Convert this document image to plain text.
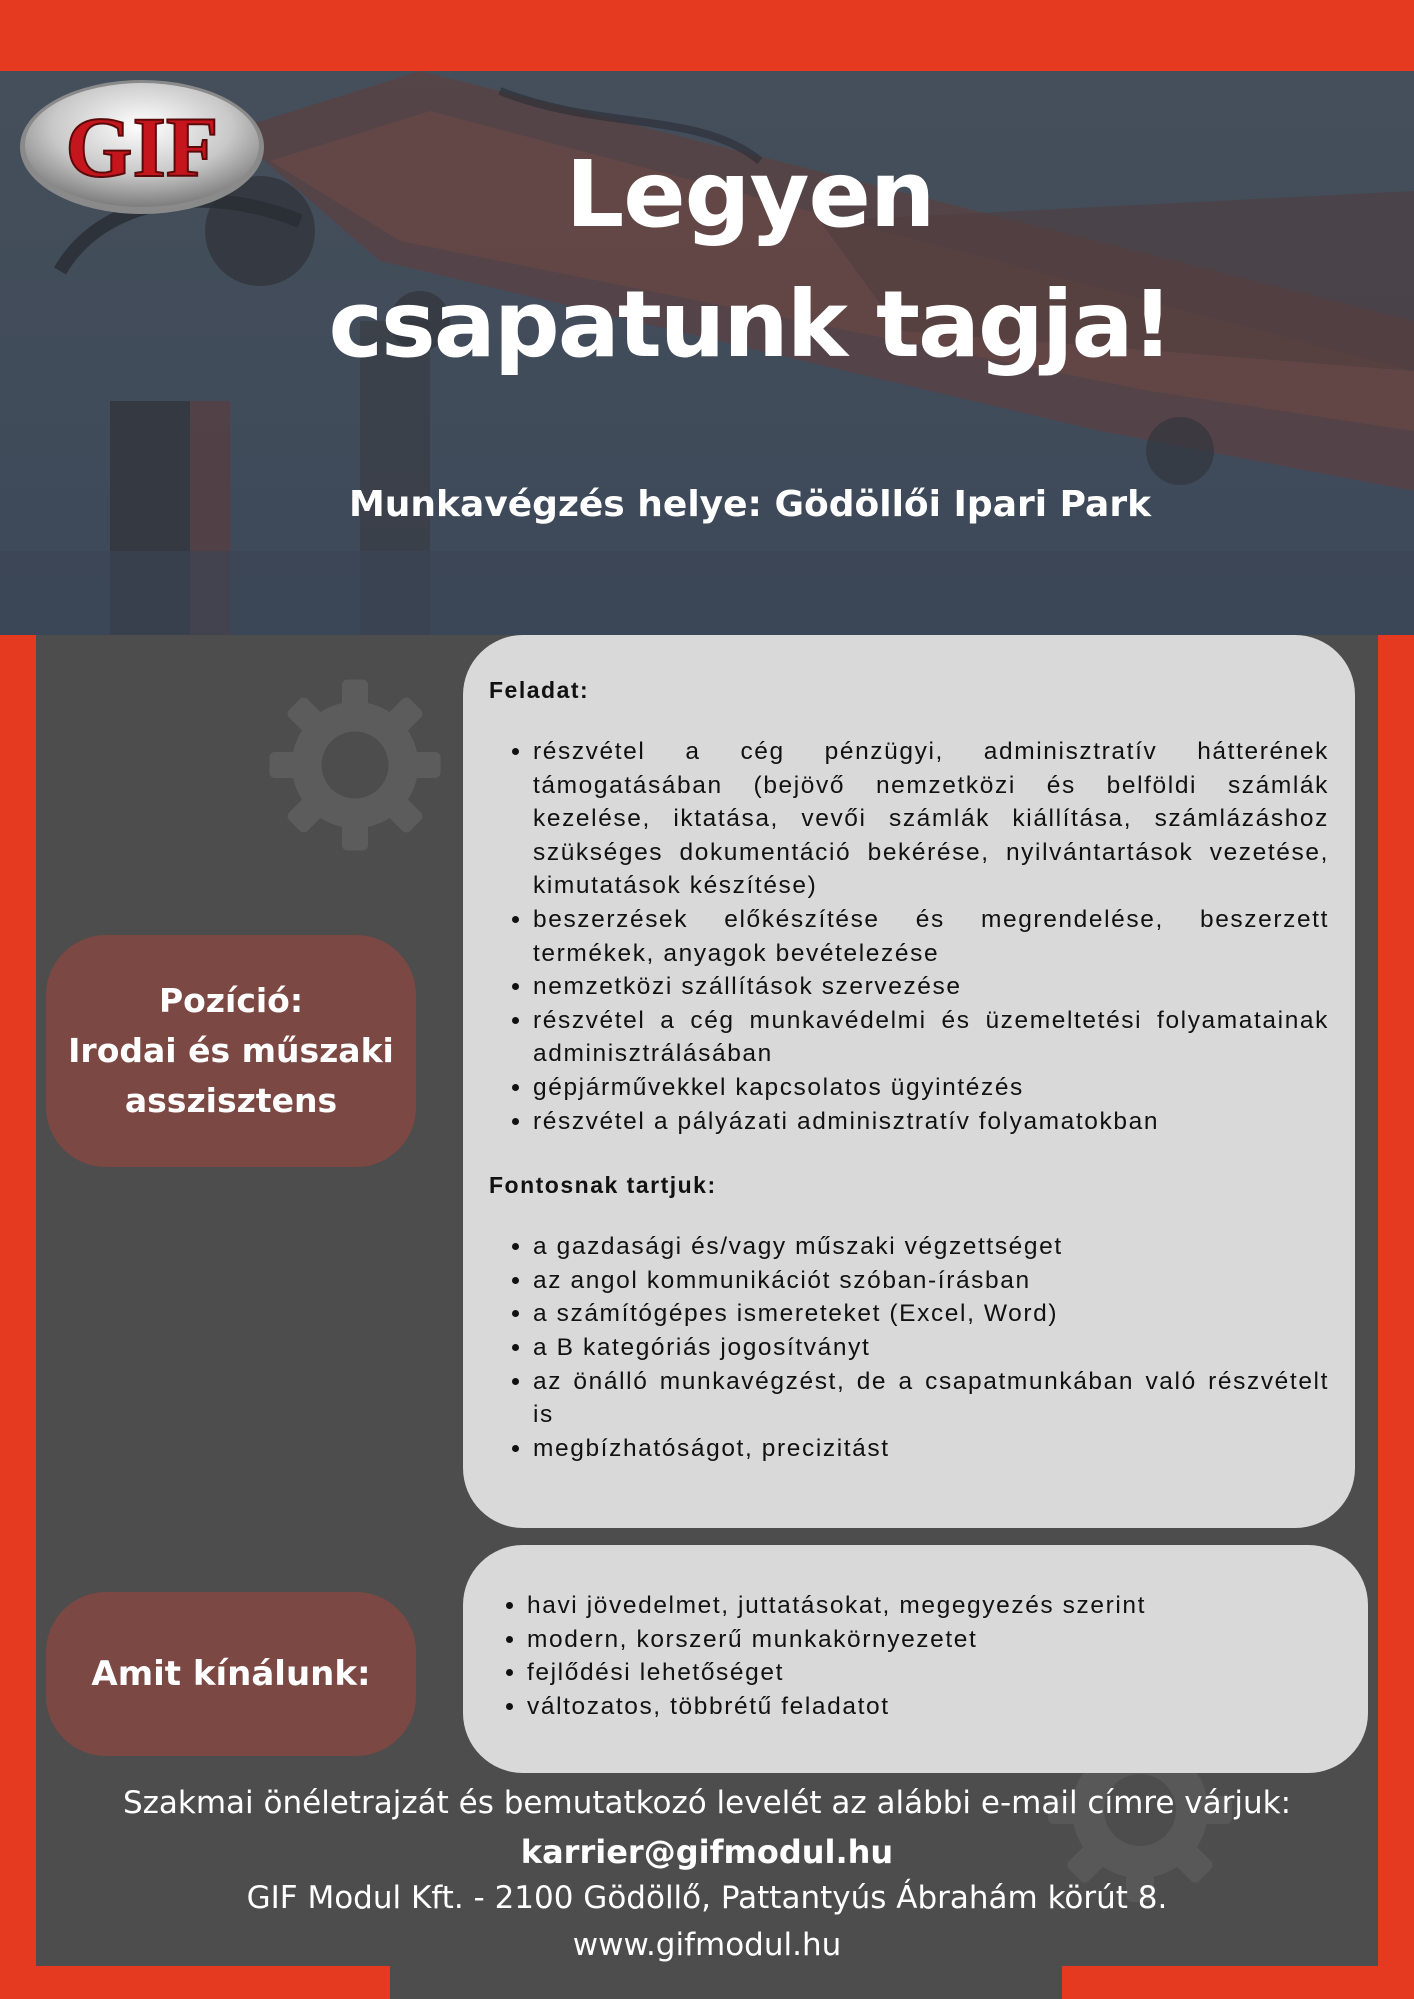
GIF	Legyen
csapatunk tagja!
Munkavégzés helye: Gödöllői Ipari Park
Pozíció:
Irodai és műszaki
asszisztens
Feladat:
• részvétel a cég pénzügyi, adminisztratív hátterének támogatásában (bejövő nemzetközi és belföldi számlák kezelése, iktatása, vevői számlák kiállítása, számlázáshoz szükséges dokumentáció bekérése, nyilvántartások vezetése, kimutatások készítése)
• beszerzések előkészítése és megrendelése, beszerzett termékek, anyagok bevételezése
• nemzetközi szállítások szervezése
• részvétel a cég munkavédelmi és üzemeltetési folyamatainak adminisztrálásában
• gépjárművekkel kapcsolatos ügyintézés
• részvétel a pályázati adminisztratív folyamatokban
Fontosnak tartjuk:
• a gazdasági és/vagy műszaki végzettséget
• az angol kommunikációt szóban-írásban
• a számítógépes ismereteket (Excel, Word)
• a B kategóriás jogosítványt
• az önálló munkavégzést, de a csapatmunkában való részvételt is
• megbízhatóságot, precizitást
Amit kínálunk:
• havi jövedelmet, juttatásokat, megegyezés szerint
• modern, korszerű munkakörnyezetet
• fejlődési lehetőséget
• változatos, többrétű feladatot
Szakmai önéletrajzát és bemutatkozó levelét az alábbi e-mail címre várjuk:
karrier@gifmodul.hu
GIF Modul Kft. - 2100 Gödöllő, Pattantyús Ábrahám körút 8.
www.gifmodul.hu
